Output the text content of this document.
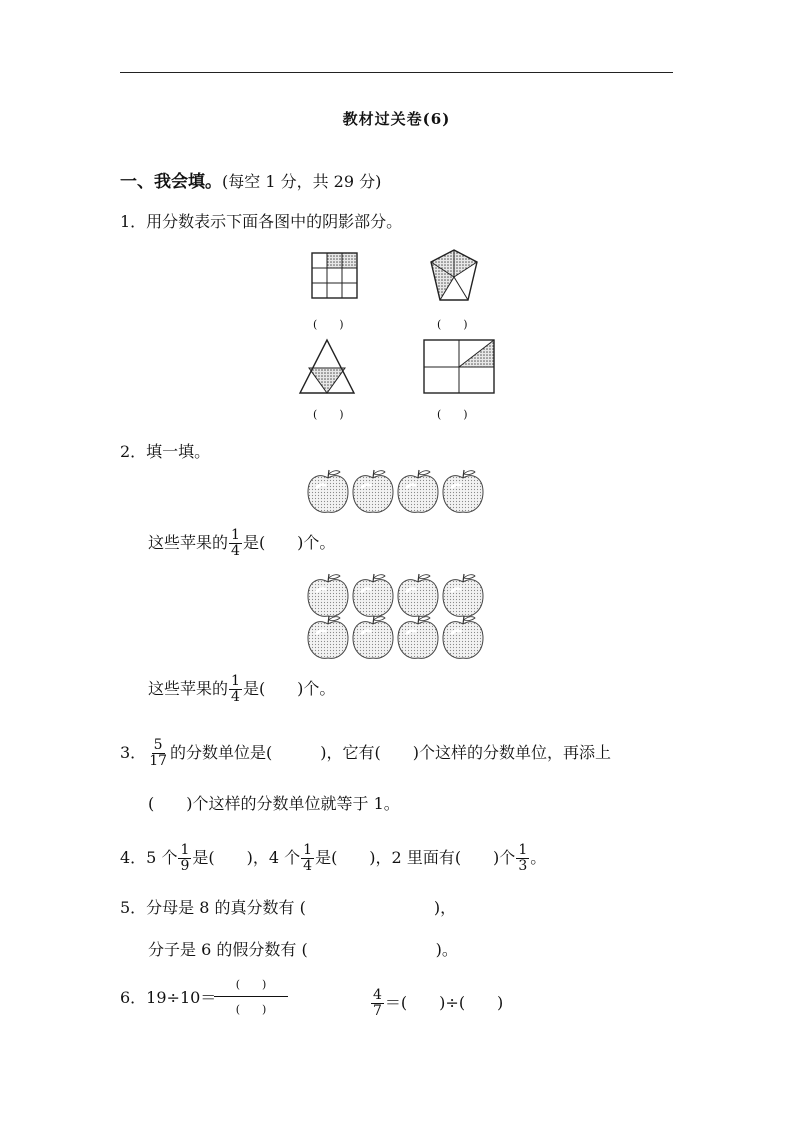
教材过关卷(6)
一、我会填。(每空 1 分，共 29 分)
1．用分数表示下面各图中的阴影部分。
(　　)	(　　)
(　　)	(　　)
2．填一填。
这些苹果的 $\frac{1}{4}$ 是(　　)个。
这些苹果的 $\frac{1}{4}$ 是(　　)个。
3． $\frac{5}{17}$ 的分数单位是(　　　)，它有(　　)个这样的分数单位，再添上
(　　)个这样的分数单位就等于 1。
4．5 个 $\frac{1}{9}$ 是(　　)，4 个 $\frac{1}{4}$ 是(　　)，2 里面有(　　)个 $\frac{1}{3}$ 。
5．分母是 8 的真分数有 (　　　　　　　　)，
分子是 6 的假分数有 (　　　　　　　　)。
6．19÷10＝
(　　)
(　　)	$\frac{4}{7}$ ＝(　　)÷(　　)
